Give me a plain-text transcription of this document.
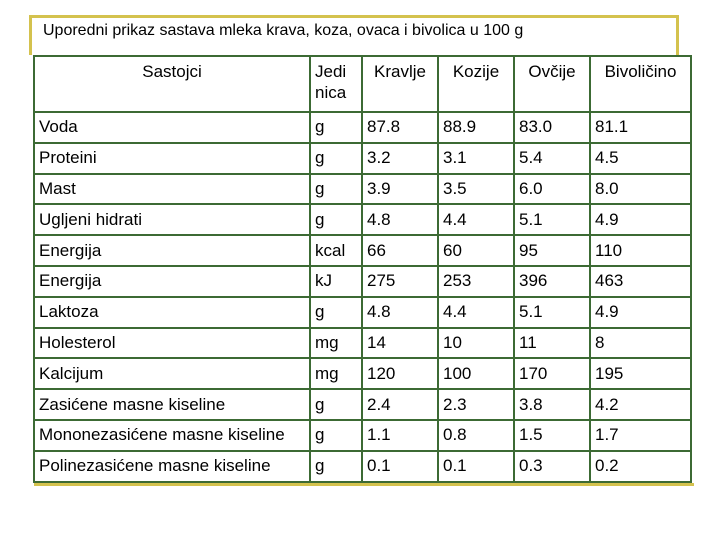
Uporedni prikaz sastava mleka krava, koza, ovaca i bivolica u 100 g
Sastojci	Jedi nica	Kravlje	Kozije	Ovčije	Bivoličino
Voda	g	87.8	88.9	83.0	81.1
Proteini	g	3.2	3.1	5.4	4.5
Mast	g	3.9	3.5	6.0	8.0
Ugljeni hidrati	g	4.8	4.4	5.1	4.9
Energija	kcal	66	60	95	110
Energija	kJ	275	253	396	463
Laktoza	g	4.8	4.4	5.1	4.9
Holesterol	mg	14	10	11	8
Kalcijum	mg	120	100	170	195
Zasićene masne kiseline	g	2.4	2.3	3.8	4.2
Mononezasićene masne kiseline	g	1.1	0.8	1.5	1.7
Polinezasićene masne kiseline	g	0.1	0.1	0.3	0.2
